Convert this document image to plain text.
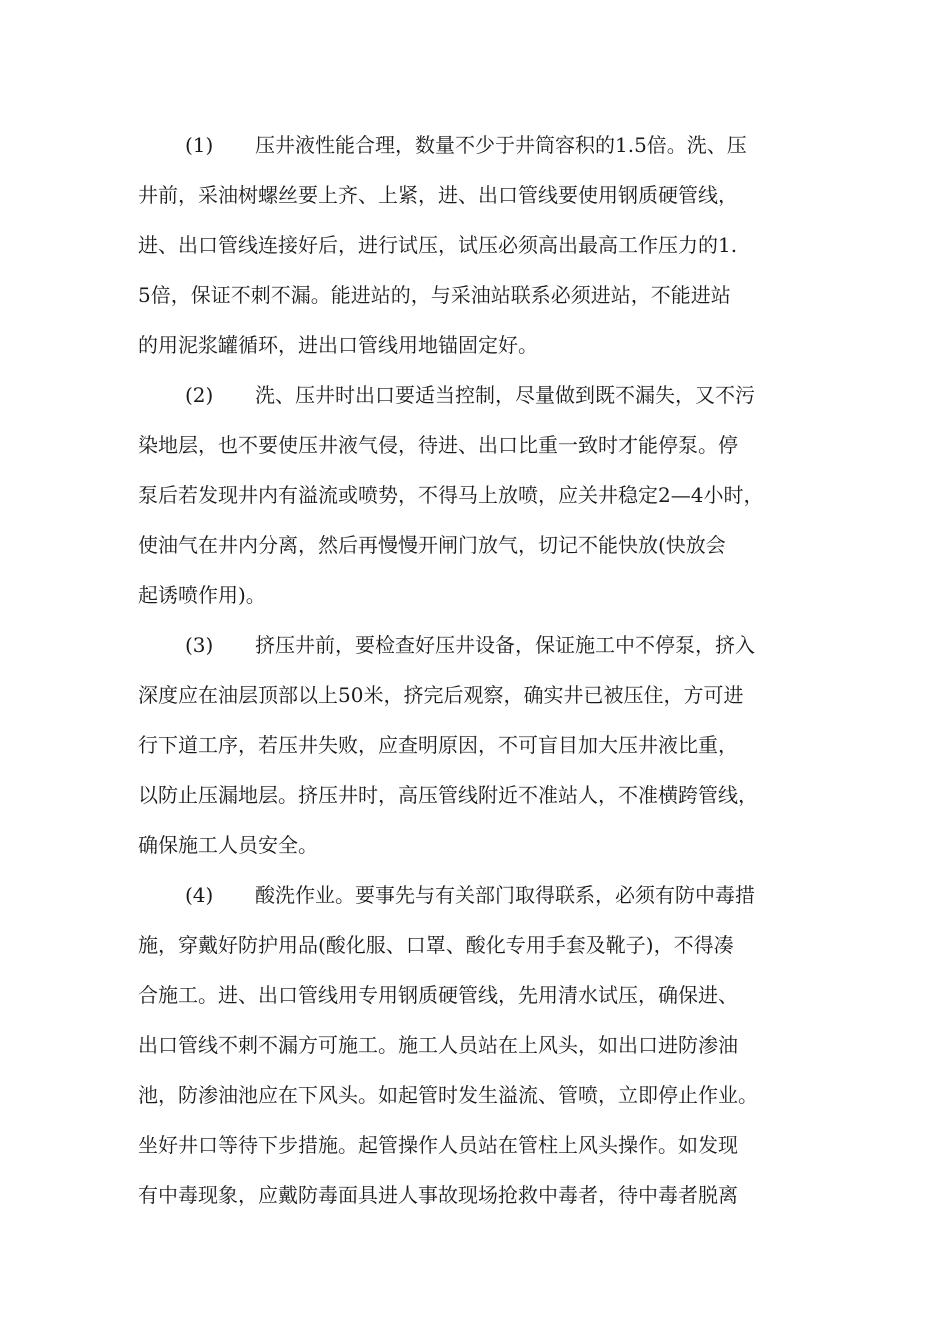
(1)	压井液性能合理，数量不少于井筒容积的1.5倍。洗、压
井前，采油树螺丝要上齐、上紧，进、出口管线要使用钢质硬管线，
进、出口管线连接好后，进行试压，试压必须高出最高工作压力的1.
5倍，保证不刺不漏。能进站的，与采油站联系必须进站，不能进站
的用泥浆罐循环，进出口管线用地锚固定好。
(2)	洗、压井时出口要适当控制，尽量做到既不漏失，又不污
染地层，也不要使压井液气侵，待进、出口比重一致时才能停泵。停
泵后若发现井内有溢流或喷势，不得马上放喷，应关井稳定2—4小时，
使油气在井内分离，然后再慢慢开闸门放气，切记不能快放(快放会
起诱喷作用)。
(3)	挤压井前，要检查好压井设备，保证施工中不停泵，挤入
深度应在油层顶部以上50米，挤完后观察，确实井已被压住，方可进
行下道工序，若压井失败，应查明原因，不可盲目加大压井液比重，
以防止压漏地层。挤压井时，高压管线附近不准站人，不准横跨管线，
确保施工人员安全。
(4)	酸洗作业。要事先与有关部门取得联系，必须有防中毒措
施，穿戴好防护用品(酸化服、口罩、酸化专用手套及靴子)，不得凑
合施工。进、出口管线用专用钢质硬管线，先用清水试压，确保进、
出口管线不刺不漏方可施工。施工人员站在上风头，如出口进防渗油
池，防渗油池应在下风头。如起管时发生溢流、管喷，立即停止作业。
坐好井口等待下步措施。起管操作人员站在管柱上风头操作。如发现
有中毒现象，应戴防毒面具进人事故现场抢救中毒者，待中毒者脱离
